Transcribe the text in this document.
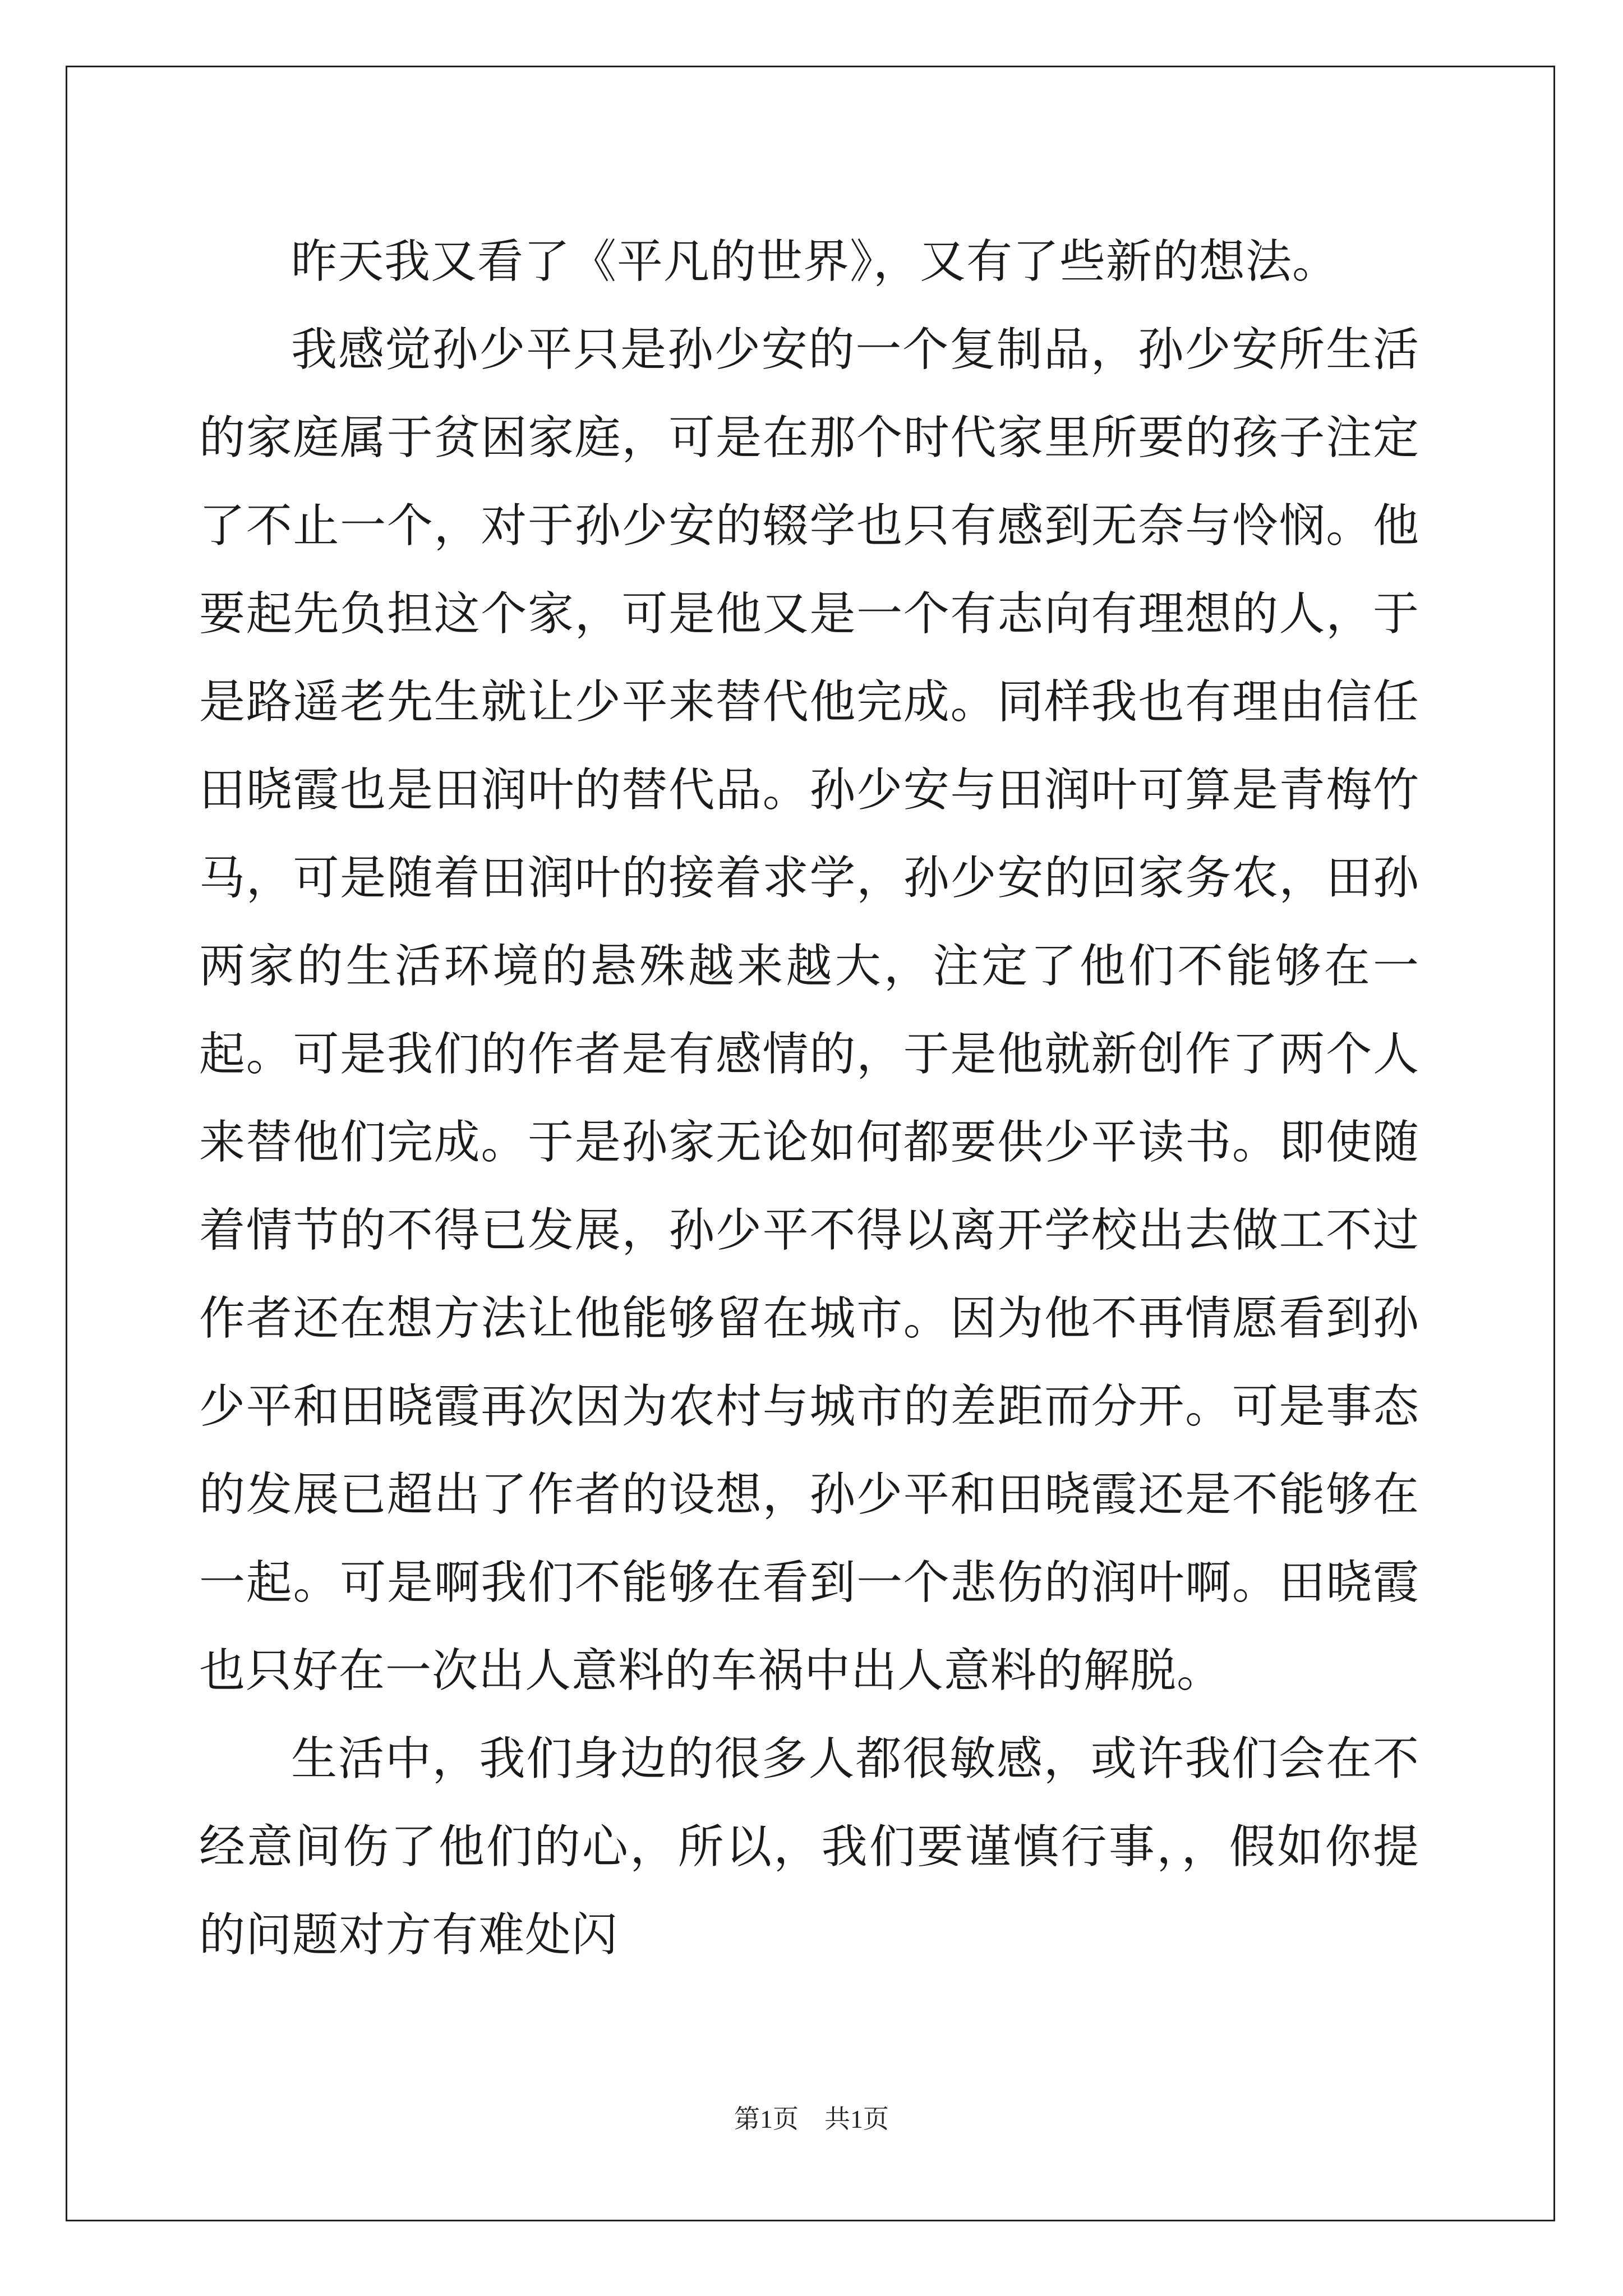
昨天我又看了《平凡的世界》，又有了些新的想法。

我感觉孙少平只是孙少安的一个复制品，孙少安所生活的家庭属于贫困家庭，可是在那个时代家里所要的孩子注定了不止一个，对于孙少安的辍学也只有感到无奈与怜悯。他要起先负担这个家，可是他又是一个有志向有理想的人，于是路遥老先生就让少平来替代他完成。同样我也有理由信任田晓霞也是田润叶的替代品。孙少安与田润叶可算是青梅竹马，可是随着田润叶的接着求学，孙少安的回家务农，田孙两家的生活环境的悬殊越来越大，注定了他们不能够在一起。可是我们的作者是有感情的，于是他就新创作了两个人来替他们完成。于是孙家无论如何都要供少平读书。即使随着情节的不得已发展，孙少平不得以离开学校出去做工不过作者还在想方法让他能够留在城市。因为他不再情愿看到孙少平和田晓霞再次因为农村与城市的差距而分开。可是事态的发展已超出了作者的设想，孙少平和田晓霞还是不能够在一起。可是啊我们不能够在看到一个悲伤的润叶啊。田晓霞也只好在一次出人意料的车祸中出人意料的解脱。

生活中，我们身边的很多人都很敏感，或许我们会在不经意间伤了他们的心，所以，我们要谨慎行事，，假如你提的问题对方有难处闪

第1页　共1页
